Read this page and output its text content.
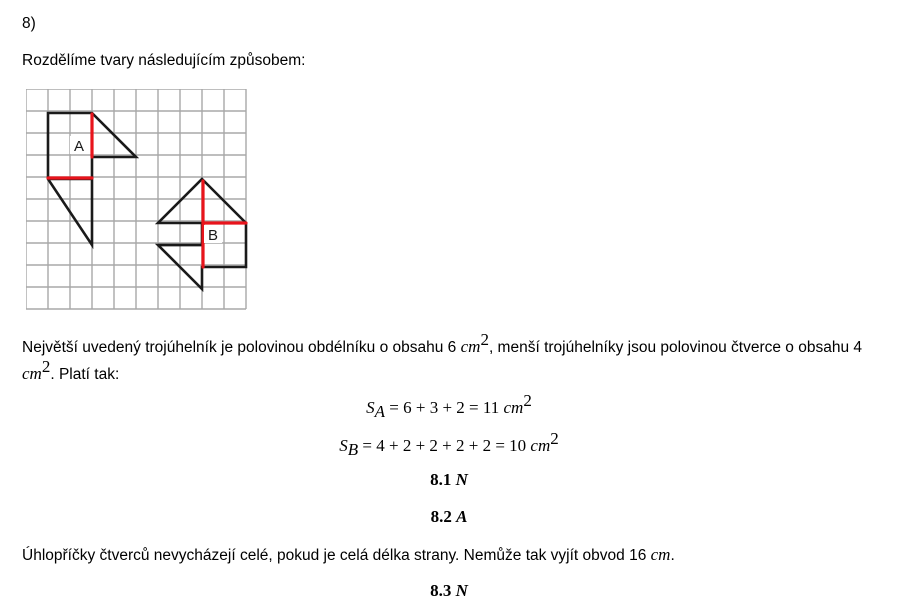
8)
Rozdělíme tvary následujícím způsobem:
A
B
Největší uvedený trojúhelník je polovinou obdélníku o obsahu 6 $cm^2$, menší trojúhelníky jsou polovinou čtverce o obsahu 4 $cm^2$. Platí tak:
$S_A = 6 + 3 + 2 = 11$ $cm^2$
$S_B = 4 + 2 + 2 + 2 + 2 = 10$ $cm^2$
8.1 N
8.2 A
Úhlopříčky čtverců nevycházejí celé, pokud je celá délka strany. Nemůže tak vyjít obvod 16 cm.
8.3 N
